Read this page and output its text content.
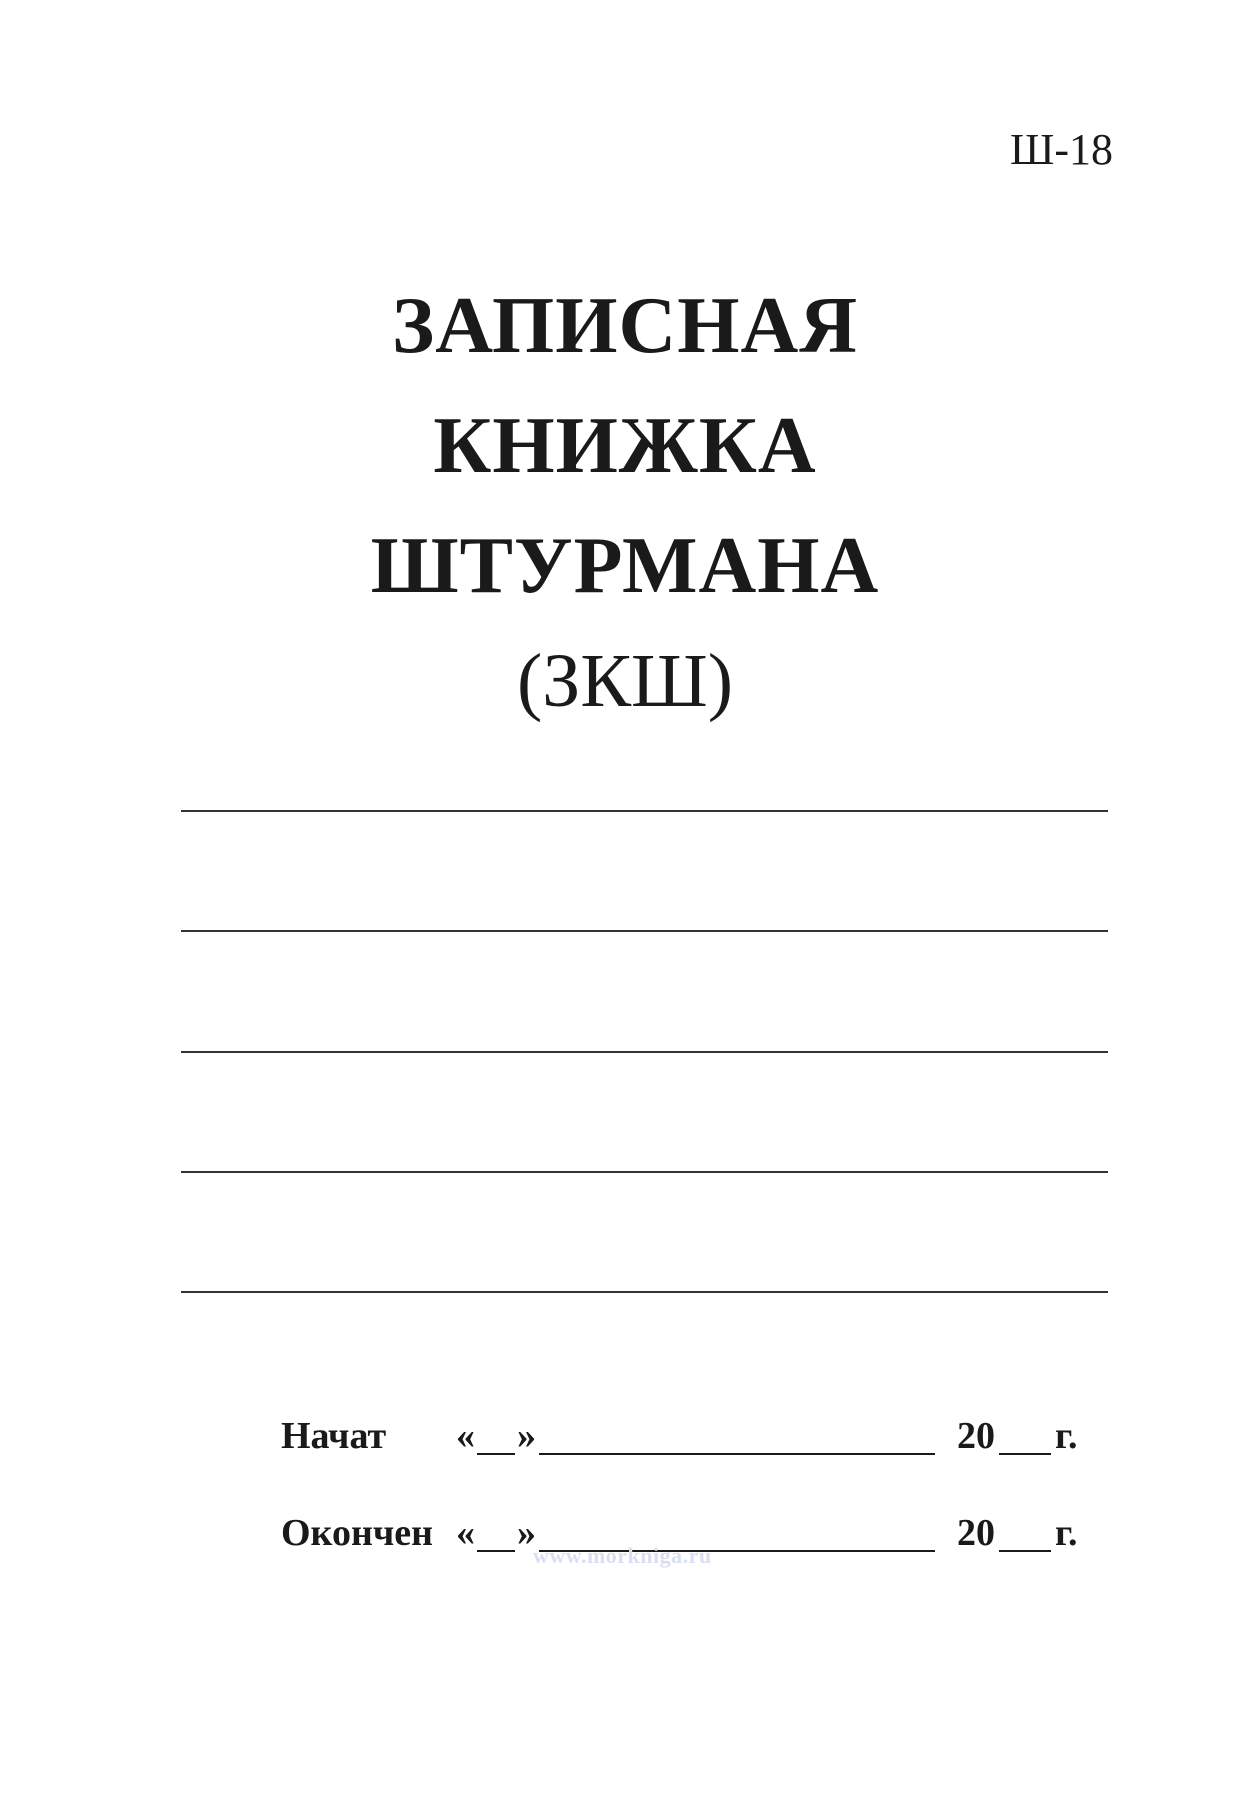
Ш-18
ЗАПИСНАЯ
КНИЖКА
ШТУРМАНА
(ЗКШ)
Начат « »	20 г.
Окончен « »	20 г.
www.morkniga.ru
